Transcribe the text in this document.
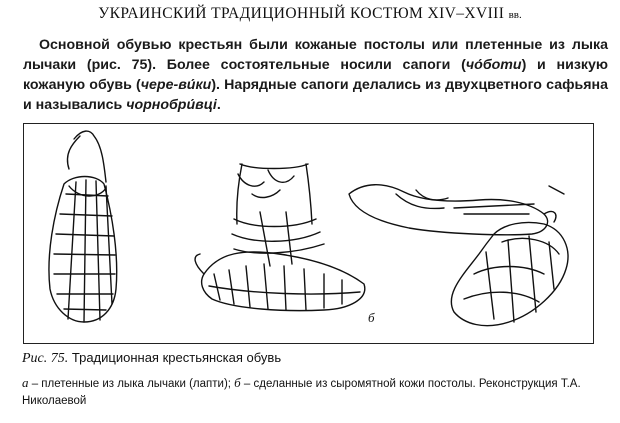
УКРАИНСКИЙ ТРАДИЦИОННЫЙ КОСТЮМ XIV–XVIII вв.
Основной обувью крестьян были кожаные постолы или плетенные из лыка лычаки (рис. 75). Более состоятельные носили сапоги (чо́боти) и низкую кожаную обувь (чере-ви́ки). Нарядные сапоги делались из двухцветного сафьяна и назывались чорнобри́вці.
б
Рис. 75. Традиционная крестьянская обувь
а – плетенные из лыка лычаки (лапти); б – сделанные из сыромятной кожи постолы. Реконструкция Т.А. Николаевой
